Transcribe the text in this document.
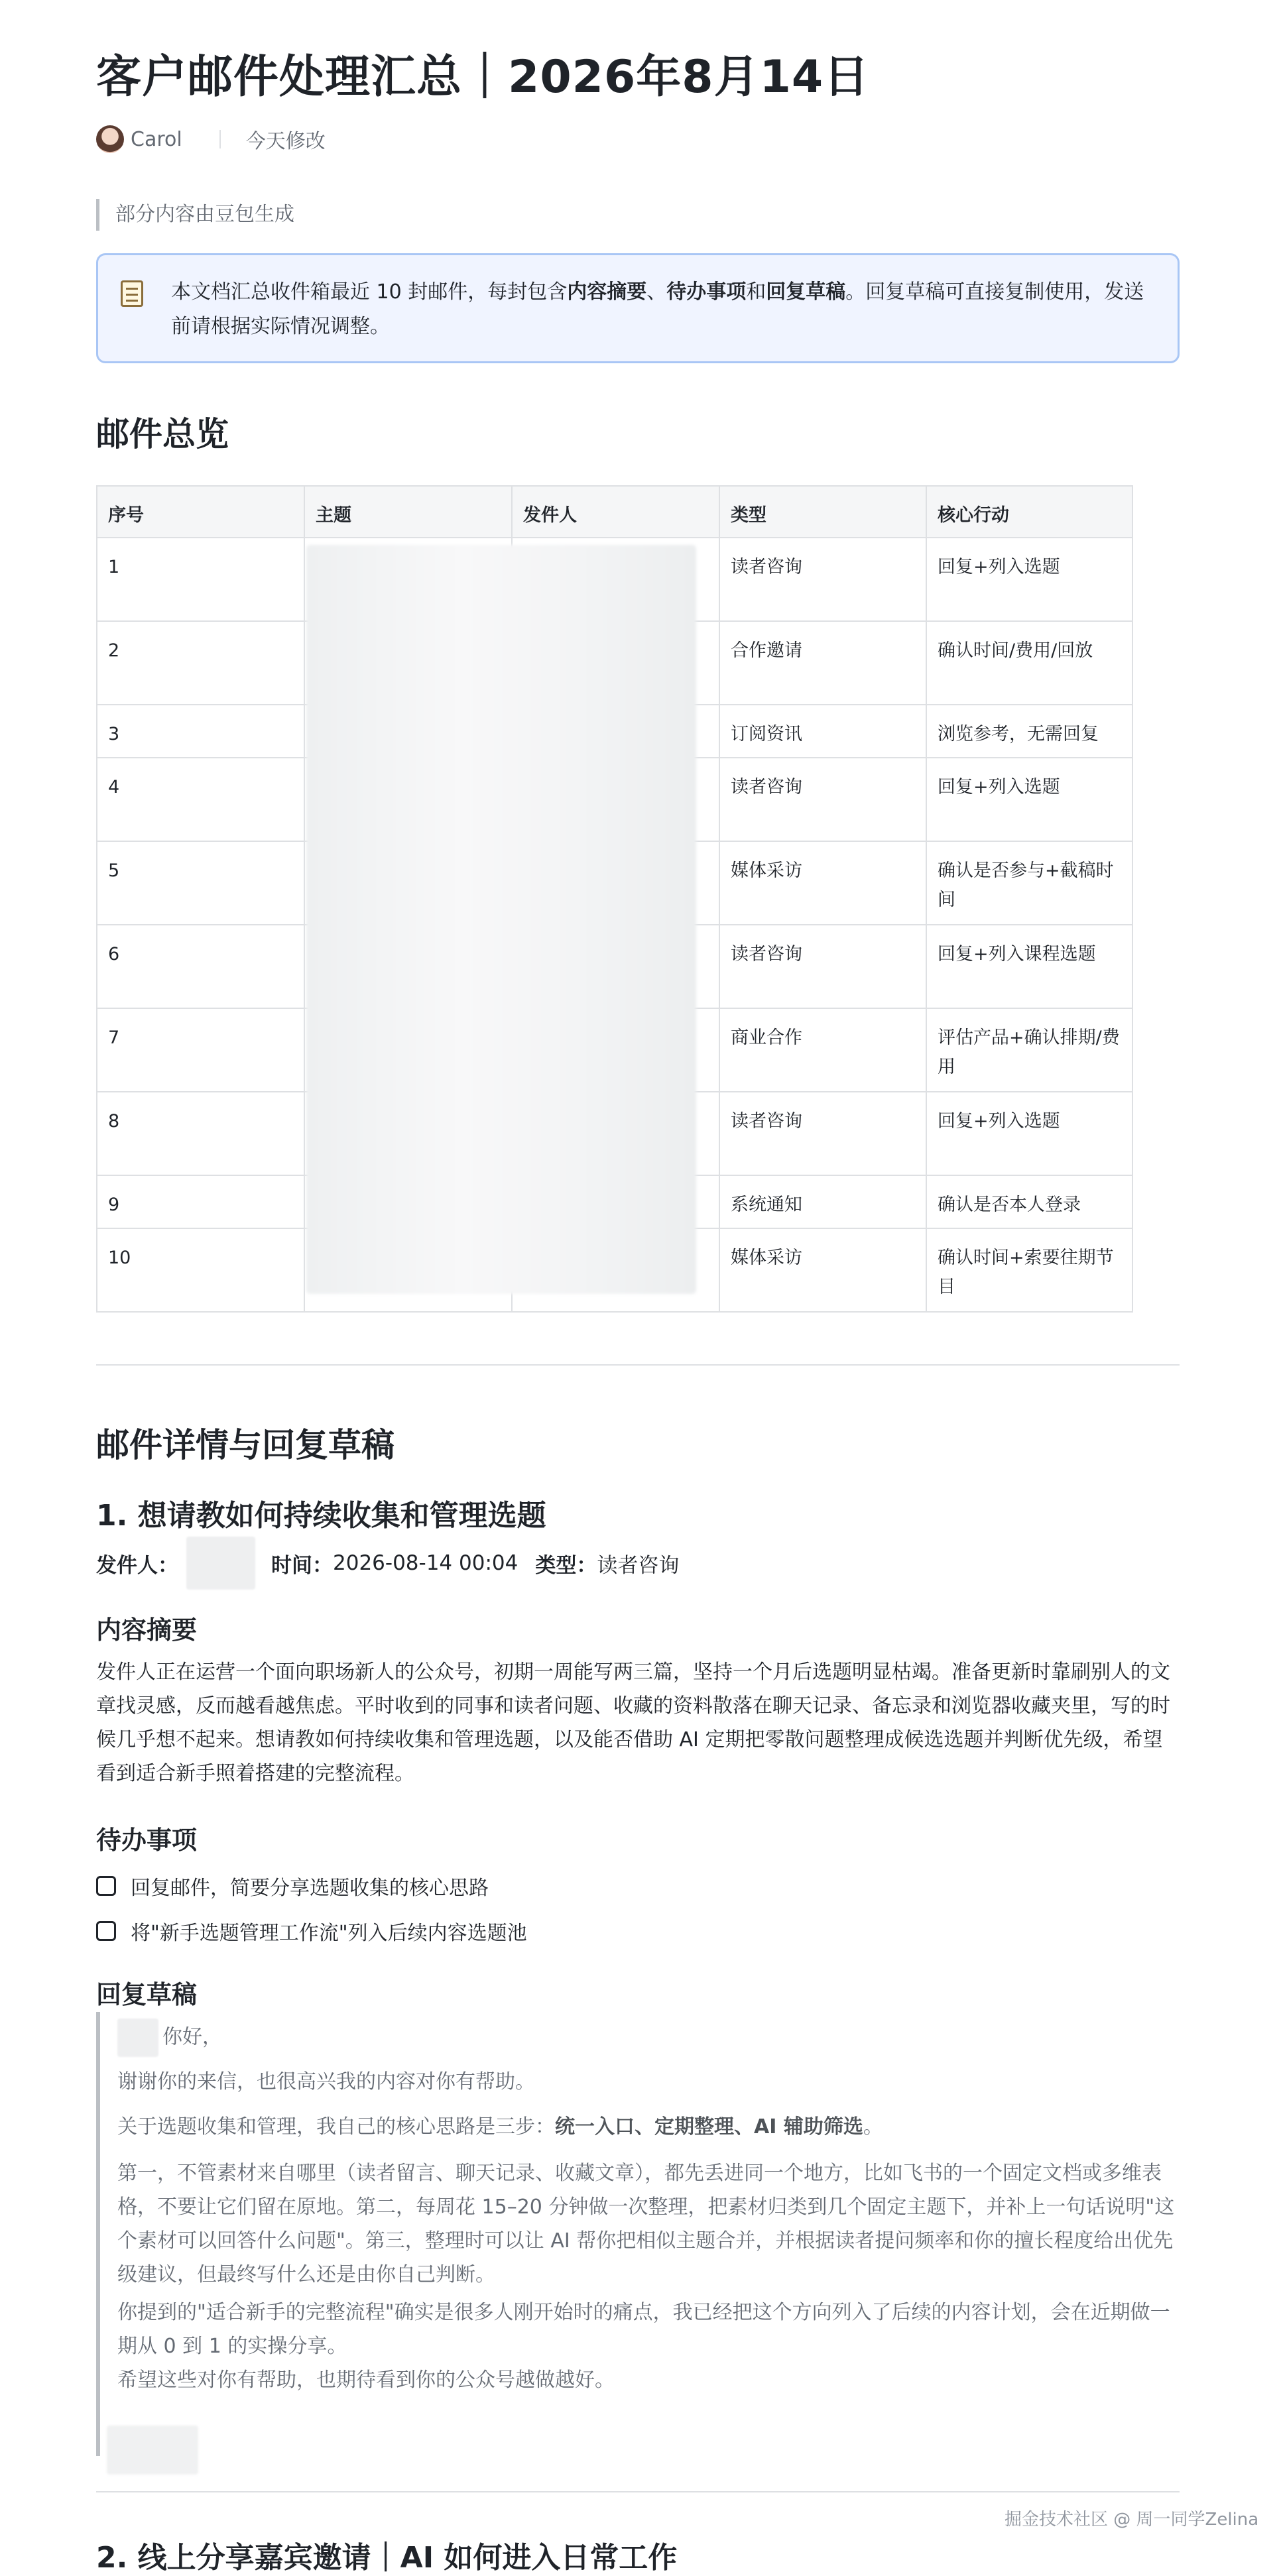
客户邮件处理汇总｜2026年8月14日
Carol	今天修改
部分内容由豆包生成
本文档汇总收件箱最近 10 封邮件，每封包含内容摘要、待办事项和回复草稿。回复草稿可直接复制使用，发送前请根据实际情况调整。
邮件总览
序号	主题	发件人	类型	核心行动
1			读者咨询	回复+列入选题
2			合作邀请	确认时间/费用/回放
3			订阅资讯	浏览参考，无需回复
4			读者咨询	回复+列入选题
5			媒体采访	确认是否参与+截稿时间
6			读者咨询	回复+列入课程选题
7			商业合作	评估产品+确认排期/费用
8			读者咨询	回复+列入选题
9			系统通知	确认是否本人登录
10			媒体采访	确认时间+索要往期节目
邮件详情与回复草稿
1. 想请教如何持续收集和管理选题
发件人：	时间： 2026-08-14 00:04 类型： 读者咨询
内容摘要

发件人正在运营一个面向职场新人的公众号，初期一周能写两三篇，坚持一个月后选题明显枯竭。准备更新时靠刷别人的文章找灵感，反而越看越焦虑。平时收到的同事和读者问题、收藏的资料散落在聊天记录、备忘录和浏览器收藏夹里，写的时候几乎想不起来。想请教如何持续收集和管理选题，以及能否借助 AI 定期把零散问题整理成候选选题并判断优先级，希望看到适合新手照着搭建的完整流程。

待办事项
回复邮件，简要分享选题收集的核心思路
将"新手选题管理工作流"列入后续内容选题池
回复草稿

你好，

谢谢你的来信，也很高兴我的内容对你有帮助。

关于选题收集和管理，我自己的核心思路是三步：统一入口、定期整理、AI 辅助筛选。

第一，不管素材来自哪里（读者留言、聊天记录、收藏文章），都先丢进同一个地方，比如飞书的一个固定文档或多维表格，不要让它们留在原地。第二，每周花 15–20 分钟做一次整理，把素材归类到几个固定主题下，并补上一句话说明"这个素材可以回答什么问题"。第三，整理时可以让 AI 帮你把相似主题合并，并根据读者提问频率和你的擅长程度给出优先级建议，但最终写什么还是由你自己判断。

你提到的"适合新手的完整流程"确实是很多人刚开始时的痛点，我已经把这个方向列入了后续的内容计划，会在近期做一期从 0 到 1 的实操分享。

希望这些对你有帮助，也期待看到你的公众号越做越好。

2. 线上分享嘉宾邀请｜AI 如何进入日常工作
掘金技术社区 @ 周一同学Zelina
